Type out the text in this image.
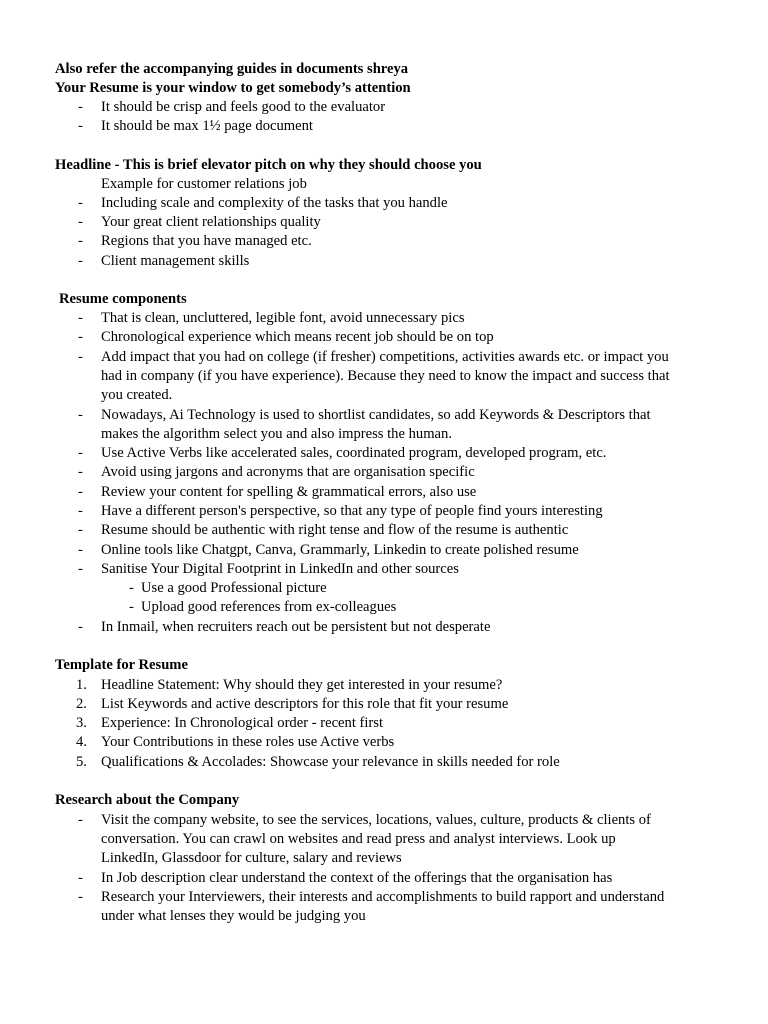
Also refer the accompanying guides in documents shreya
Your Resume is your window to get somebody’s attention
- It should be crisp and feels good to the evaluator
- It should be max 1½ page document
Headline - This is brief elevator pitch on why they should choose you
Example for customer relations job
- Including scale and complexity of the tasks that you handle
- Your great client relationships quality
- Regions that you have managed etc.
- Client management skills
Resume components
- That is clean, uncluttered, legible font, avoid unnecessary pics
- Chronological experience which means recent job should be on top
- Add impact that you had on college (if fresher) competitions, activities awards etc. or impact you
had in company (if you have experience). Because they need to know the impact and success that
you created.
- Nowadays, Ai Technology is used to shortlist candidates, so add Keywords & Descriptors that
makes the algorithm select you and also impress the human.
- Use Active Verbs like accelerated sales, coordinated program, developed program, etc.
- Avoid using jargons and acronyms that are organisation specific
- Review your content for spelling & grammatical errors, also use
- Have a different person's perspective, so that any type of people find yours interesting
- Resume should be authentic with right tense and flow of the resume is authentic
- Online tools like Chatgpt, Canva, Grammarly, Linkedin to create polished resume
- Sanitise Your Digital Footprint in LinkedIn and other sources
- Use a good Professional picture
- Upload good references from ex-colleagues
- In Inmail, when recruiters reach out be persistent but not desperate
Template for Resume
1. Headline Statement: Why should they get interested in your resume?
2. List Keywords and active descriptors for this role that fit your resume
3. Experience: In Chronological order - recent first
4. Your Contributions in these roles use Active verbs
5. Qualifications & Accolades: Showcase your relevance in skills needed for role
Research about the Company
- Visit the company website, to see the services, locations, values, culture, products & clients of
conversation. You can crawl on websites and read press and analyst interviews. Look up
LinkedIn, Glassdoor for culture, salary and reviews
- In Job description clear understand the context of the offerings that the organisation has
- Research your Interviewers, their interests and accomplishments to build rapport and understand
under what lenses they would be judging you
